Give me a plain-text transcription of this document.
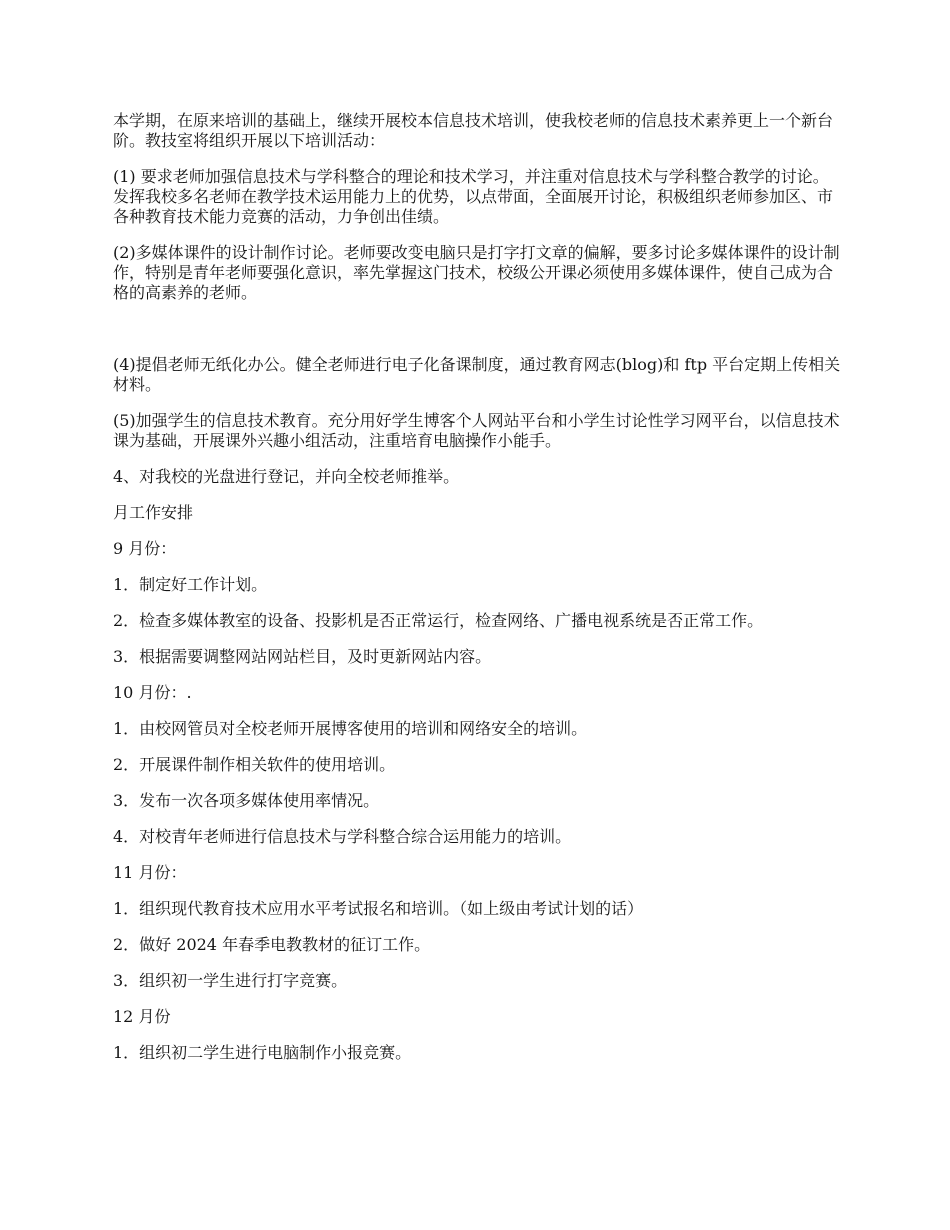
本学期，在原来培训的基础上，继续开展校本信息技术培训，使我校老师的信息技术素养更上一个新台阶。教技室将组织开展以下培训活动：

(1) 要求老师加强信息技术与学科整合的理论和技术学习，并注重对信息技术与学科整合教学的讨论。发挥我校多名老师在教学技术运用能力上的优势，以点带面，全面展开讨论，积极组织老师参加区、市各种教育技术能力竞赛的活动，力争创出佳绩。

(2)多媒体课件的设计制作讨论。老师要改变电脑只是打字打文章的偏解，要多讨论多媒体课件的设计制作，特别是青年老师要强化意识，率先掌握这门技术，校级公开课必须使用多媒体课件，使自己成为合格的高素养的老师。

(4)提倡老师无纸化办公。健全老师进行电子化备课制度，通过教育网志(blog)和 ftp 平台定期上传相关材料。

(5)加强学生的信息技术教育。充分用好学生博客个人网站平台和小学生讨论性学习网平台，以信息技术课为基础，开展课外兴趣小组活动，注重培育电脑操作小能手。

4、对我校的光盘进行登记，并向全校老师推举。

月工作安排

9 月份：

1．制定好工作计划。

2．检查多媒体教室的设备、投影机是否正常运行，检查网络、广播电视系统是否正常工作。

3．根据需要调整网站网站栏目，及时更新网站内容。

10 月份：.

1．由校网管员对全校老师开展博客使用的培训和网络安全的培训。

2．开展课件制作相关软件的使用培训。

3．发布一次各项多媒体使用率情况。

4．对校青年老师进行信息技术与学科整合综合运用能力的培训。

11 月份：

1．组织现代教育技术应用水平考试报名和培训。（如上级由考试计划的话）

2．做好 2024 年春季电教教材的征订工作。

3．组织初一学生进行打字竞赛。

12 月份

1．组织初二学生进行电脑制作小报竞赛。
